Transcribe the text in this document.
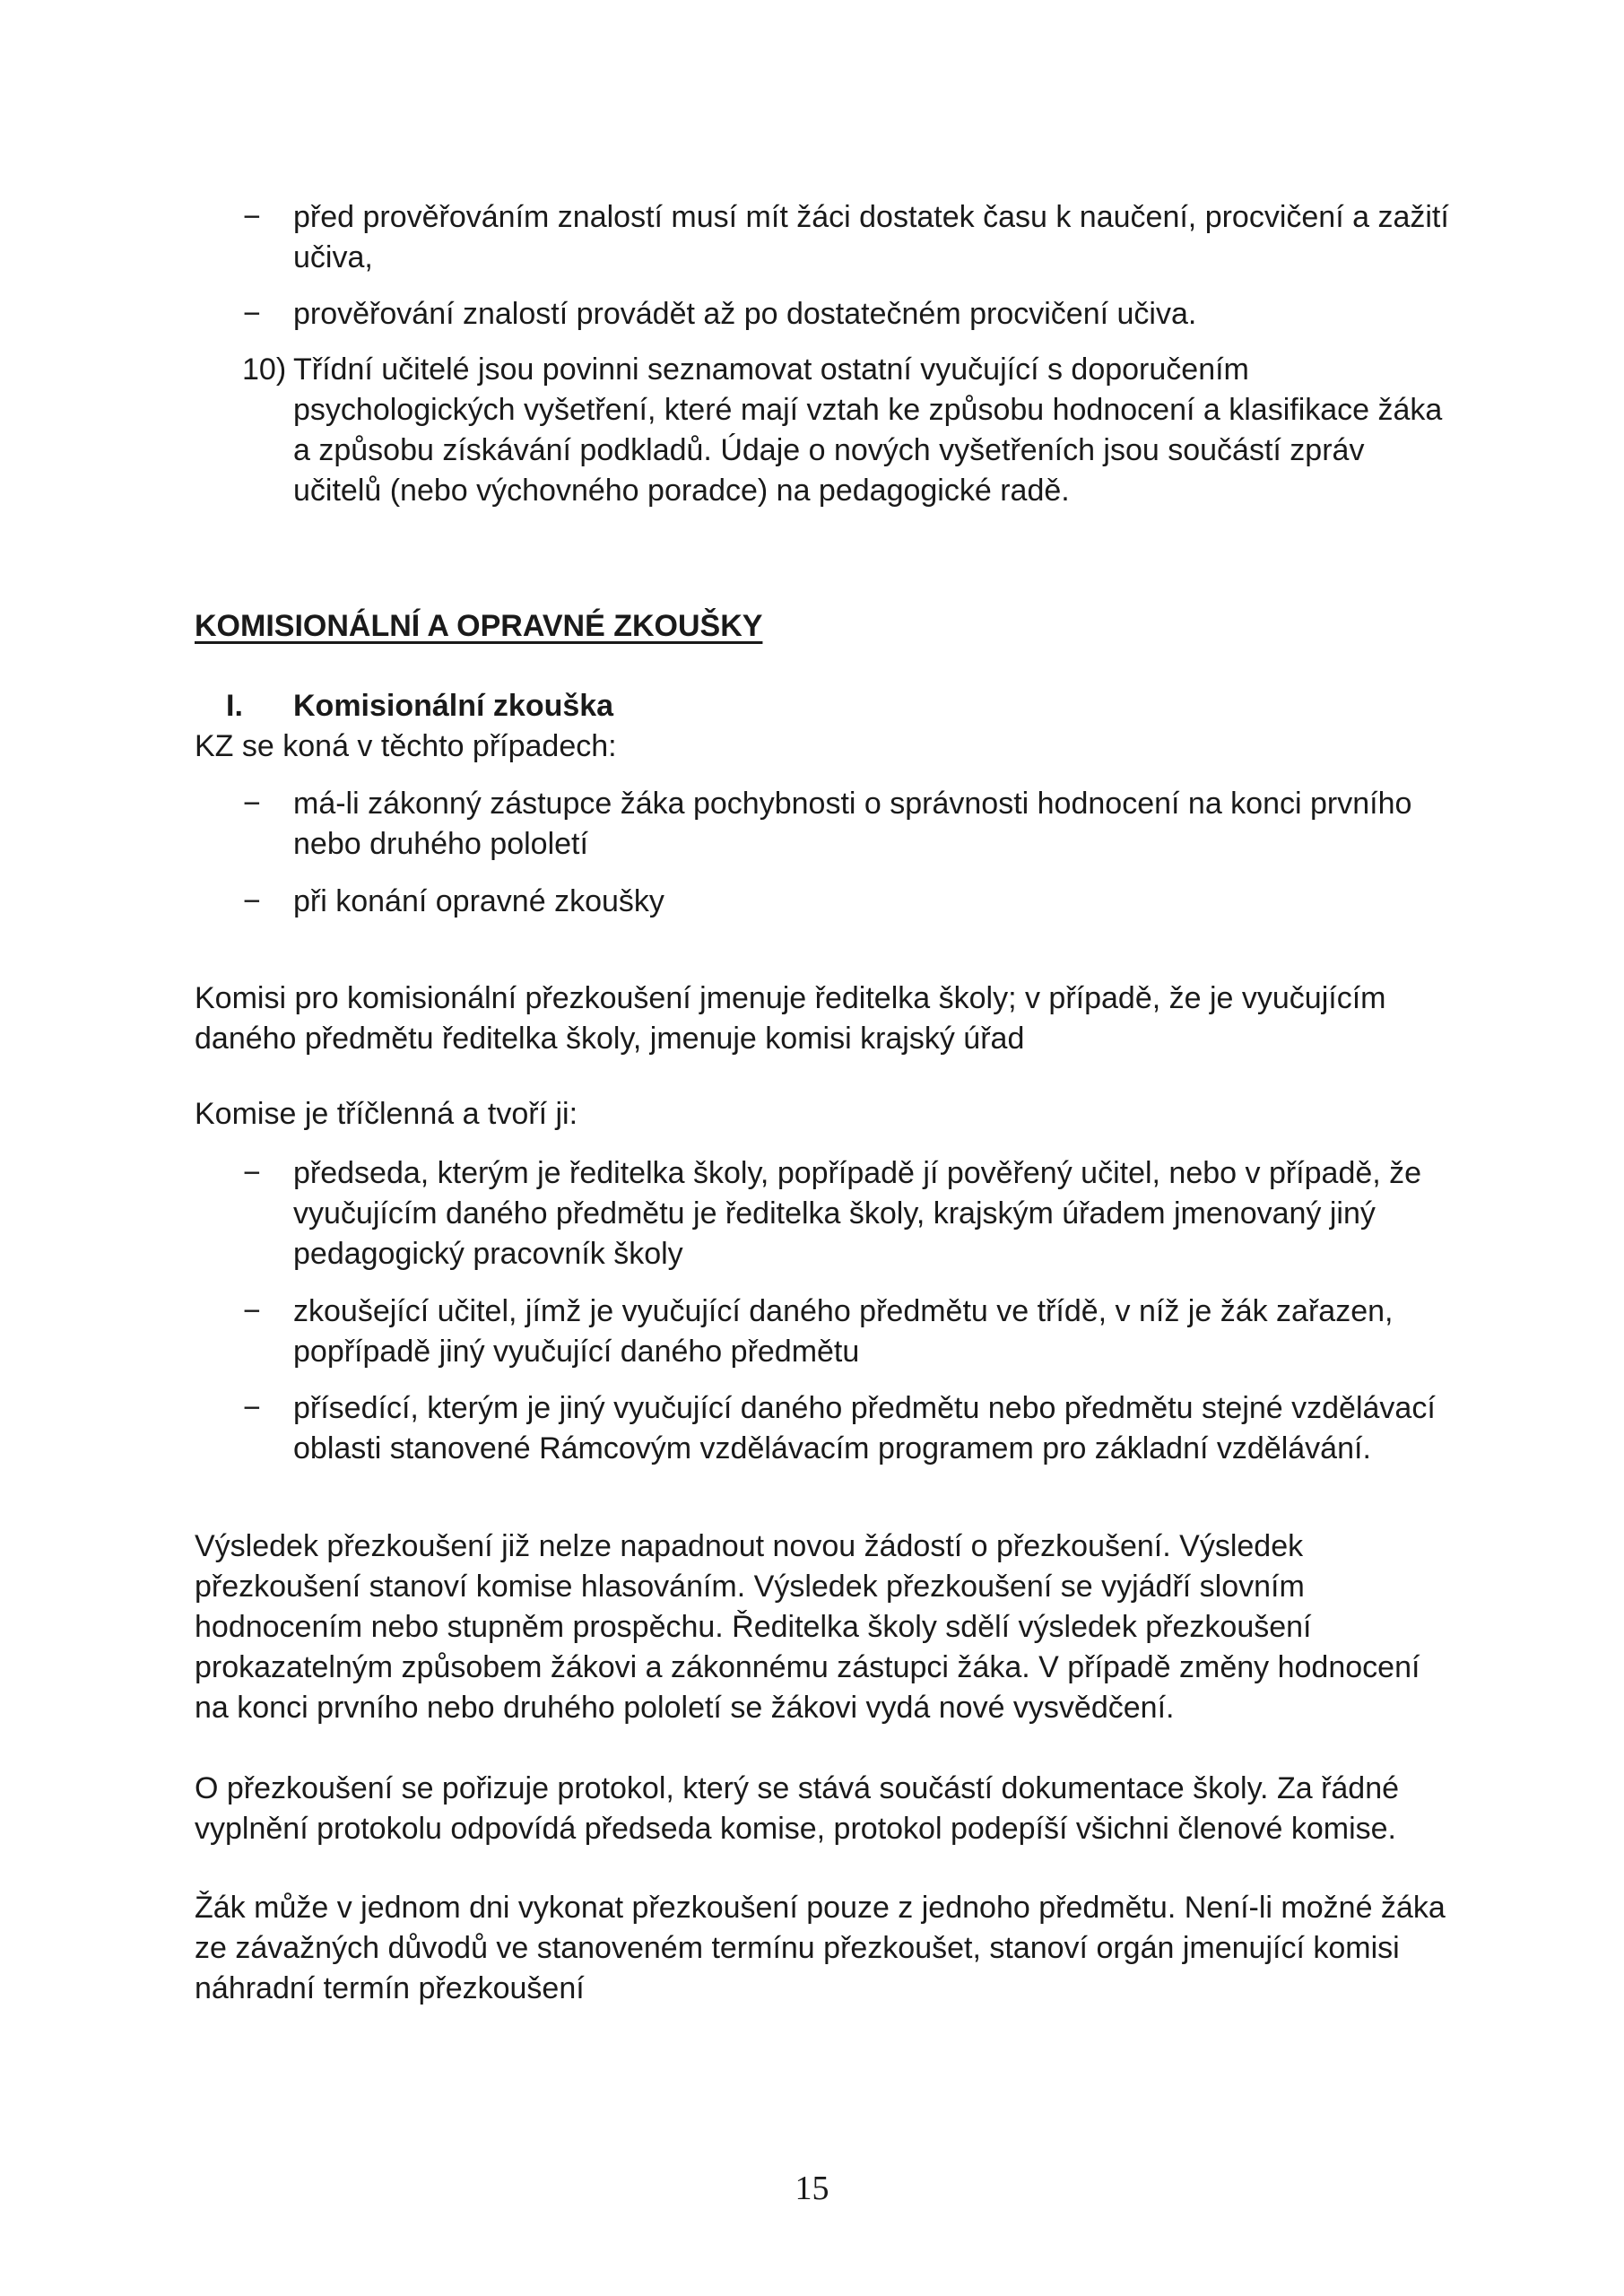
−	před prověřováním znalostí musí mít žáci dostatek času k naučení, procvičení a zažití učiva,
−	prověřování znalostí provádět až po dostatečném procvičení učiva.
10) Třídní učitelé jsou povinni seznamovat ostatní vyučující s doporučením psychologických vyšetření, které mají vztah ke způsobu hodnocení a klasifikace žáka a způsobu získávání podkladů. Údaje o nových vyšetřeních jsou součástí zpráv učitelů (nebo výchovného poradce) na pedagogické radě.
KOMISIONÁLNÍ A OPRAVNÉ ZKOUŠKY
I. Komisionální zkouška
KZ se koná v těchto případech:
−	má-li zákonný zástupce žáka pochybnosti o správnosti hodnocení na konci prvního nebo druhého pololetí
−	při konání opravné zkoušky
Komisi pro komisionální přezkoušení jmenuje ředitelka školy; v případě, že je vyučujícím daného předmětu ředitelka školy, jmenuje komisi krajský úřad
Komise je tříčlenná a tvoří ji:
−	předseda, kterým je ředitelka školy, popřípadě jí pověřený učitel, nebo v případě, že vyučujícím daného předmětu je ředitelka školy, krajským úřadem jmenovaný jiný pedagogický pracovník školy
−	zkoušející učitel, jímž je vyučující daného předmětu ve třídě, v níž je žák zařazen, popřípadě jiný vyučující daného předmětu
−	přísedící, kterým je jiný vyučující daného předmětu nebo předmětu stejné vzdělávací oblasti stanovené Rámcovým vzdělávacím programem pro základní vzdělávání.
Výsledek přezkoušení již nelze napadnout novou žádostí o přezkoušení. Výsledek přezkoušení stanoví komise hlasováním. Výsledek přezkoušení se vyjádří slovním hodnocením nebo stupněm prospěchu. Ředitelka školy sdělí výsledek přezkoušení prokazatelným způsobem žákovi a zákonnému zástupci žáka. V případě změny hodnocení na konci prvního nebo druhého pololetí se žákovi vydá nové vysvědčení.
O přezkoušení se pořizuje protokol, který se stává součástí dokumentace školy. Za řádné vyplnění protokolu odpovídá předseda komise, protokol podepíší všichni členové komise.
Žák může v jednom dni vykonat přezkoušení pouze z jednoho předmětu. Není-li možné žáka ze závažných důvodů ve stanoveném termínu přezkoušet, stanoví orgán jmenující komisi náhradní termín přezkoušení
15
